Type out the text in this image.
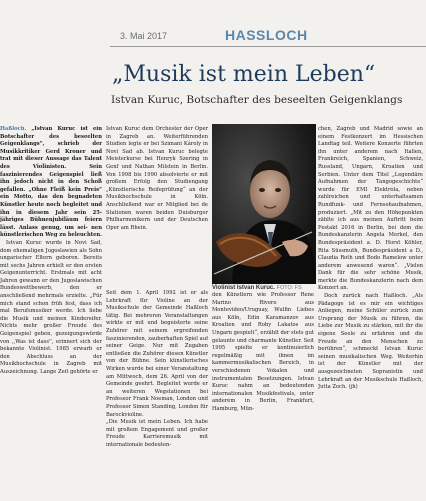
3. Mai 2017	HASSLOCH
„Musik ist mein Leben“
Istvan Kuruc, Botschafter des beseelten Geigenklangs

Haßloch. „Istvan Kuruc ist ein Botschafter des beseelten Geigenklangs“, schrieb der Musikkritiker Gerd Kroner und trat mit dieser Aussage das Talent des Violinisten. Sein faszinierendes Geigenspiel ließ ihn jedoch nicht in den Schoß gefallen. „Ohne Fleiß kein Preis“ ein Motto, das den begnadeten Künstler heute noch begleitet und ihn in diesem Jahr sein 25-jähriges Bühnenjubiläum feiern lässt. Anlass genug, um sei- nen künstlerischen Weg zu beleuchten.

Istvan Kuruc wurde in Novi Sad, dem ehemaligen Jugoslawien als Sohn ungarischer Eltern geboren. Bereits mit sechs Jahren erhielt er den ersten Geigenunterricht. Erstmals mit acht Jahren gewann er den Jugoslawischen Bundeswettbewerb, den er anschließend mehrmals erzielte. „Für mich stand schon früh fest, dass ich mal Berufsmusiker werde. Ich liebe die Musik und meinen Kindereifer. Nichts mehr großer Freude des Geigenspiel geben, gezeigungswürde von ,,Was ist dass'', erinnert sich der bekannte Violinist. 1985 erwarb er den Abschluss an der Musikhochschule in Zagreb mit Auszeichnung. Lange Zeit gehörte er

Istvan Kuruc dem Orchester der Oper in Zagreb an. Weiterführenden Studien legte er bei Szimani Károly in Novi Sad ab. Istvan Kuruc belegte Meisterkurse bei Henryk Szering in Genf und Nathan Milstein in Berlin. Von 1998 bis 1990 absolvierte er mit großem Erfolg den Studiengang „Künstlerische Reifeprüfung“ an der Musikhochschule in Köln. Anschließend war er Mitglied bei de Stationen waren beiden Duisburger Philharmonikern und der Deutschen Oper am Rhein.

Seit dem 1. April 1992 ist er als Lehrkraft für Violine an der Musikschule der Gemeinde Haßloch tätig. Bei mehreren Veranstaltungen wirkte er mit und begeisterte seine Zuhörer mit seinem ergreifenden faszinierenden, zauberhaften Spiel auf seiner Geige. Nur mit Zugaben entließen die Zuhörer diesen Künstler von der Bühne. Sein künstlerisches Wirken wurde bei einer Veranstaltung am Mittwoch, dem 26. April von der Gemeinde geehrt. Begleitet wurde er an weiteren Wegstationen bei Professor Frank Noeman, London und Professor Simon Standing, London für Barockvioline.
„Die Musik ist mein Leben. Ich habe mit großem Engagement und großer Freude Karrieremusik mit internationale bedeuten-

Violinist Istvan Kuruc. FOTO: FS

den Künstlern wie Professor Rene Marino Rivero aus Montevideo/Uruguay, Wulfin Liebes aus Köln, Edin Karamanzov aus Kroatien und Roby Lakatos aus Ungarn gespielt“, erzählt der stets gut gelaunte und charmante Künstler. Seit 1995 spielte er kontinuierlich regelmäßig mit ihnen im kammermusikalischen Bereich, in verschiedenen Vokalen und instrumentalen Besetzungen. Istvan Kuruc nahm an bedeutenden internationalen Musikfestivals, unter anderem in Berlin, Frankfurt, Hamburg, Mün-

chen, Zagreb und Madrid sowie an einem Festkonzert im Hessischen Landtag teil. Weitere Konzerte führten ihn unter anderem nach Italien, Frankreich, Spanien, Schweiz, Russland, Ungarn, Kroatien und Serbien. Unter dem Titel „Legendäre Aufnahmen der Tangogeschichte“ wurde für EMI Elektrola, neben zahlreichen und unterhaltsamen Rundfunk- und Fernsehaufnahmen, produziert. „Mit zu den Höhepunkten zählte ich aus meinen Auftritt beim Festakt 2016 in Berlin, bei dem die Bundeskanzlerin Angela Merkel, den Bundespräsident a. D. Horst Köhler, Rita Süssmuth, Bundespräsident a D., Claudia Roth und Bodo Ramelow unter anderem anwesend waren“. „Vielen Dank für die sehr schöne Musik, merkte die Bundeskanzlerin nach dem Konzert an.

Doch zurück nach Haßloch. „Als Pädagoge ist es mir ein wichtiges Anliegen, meine Schüler zurück zum Ursprung der Musik zu führen, die Liebe zur Musik zu stärken, mit ihr die eigene Seele zu erfahren und die Freude an den Menschen zu berühren“, schmeckt Istvan Kuruc seinen musikalischen Weg. Weiterhin ist der Künstler mit der ausgezeichneten Sopranistin und Lehrkraft an der Musikschule Haßloch, Jutta Zoch. (jh)
